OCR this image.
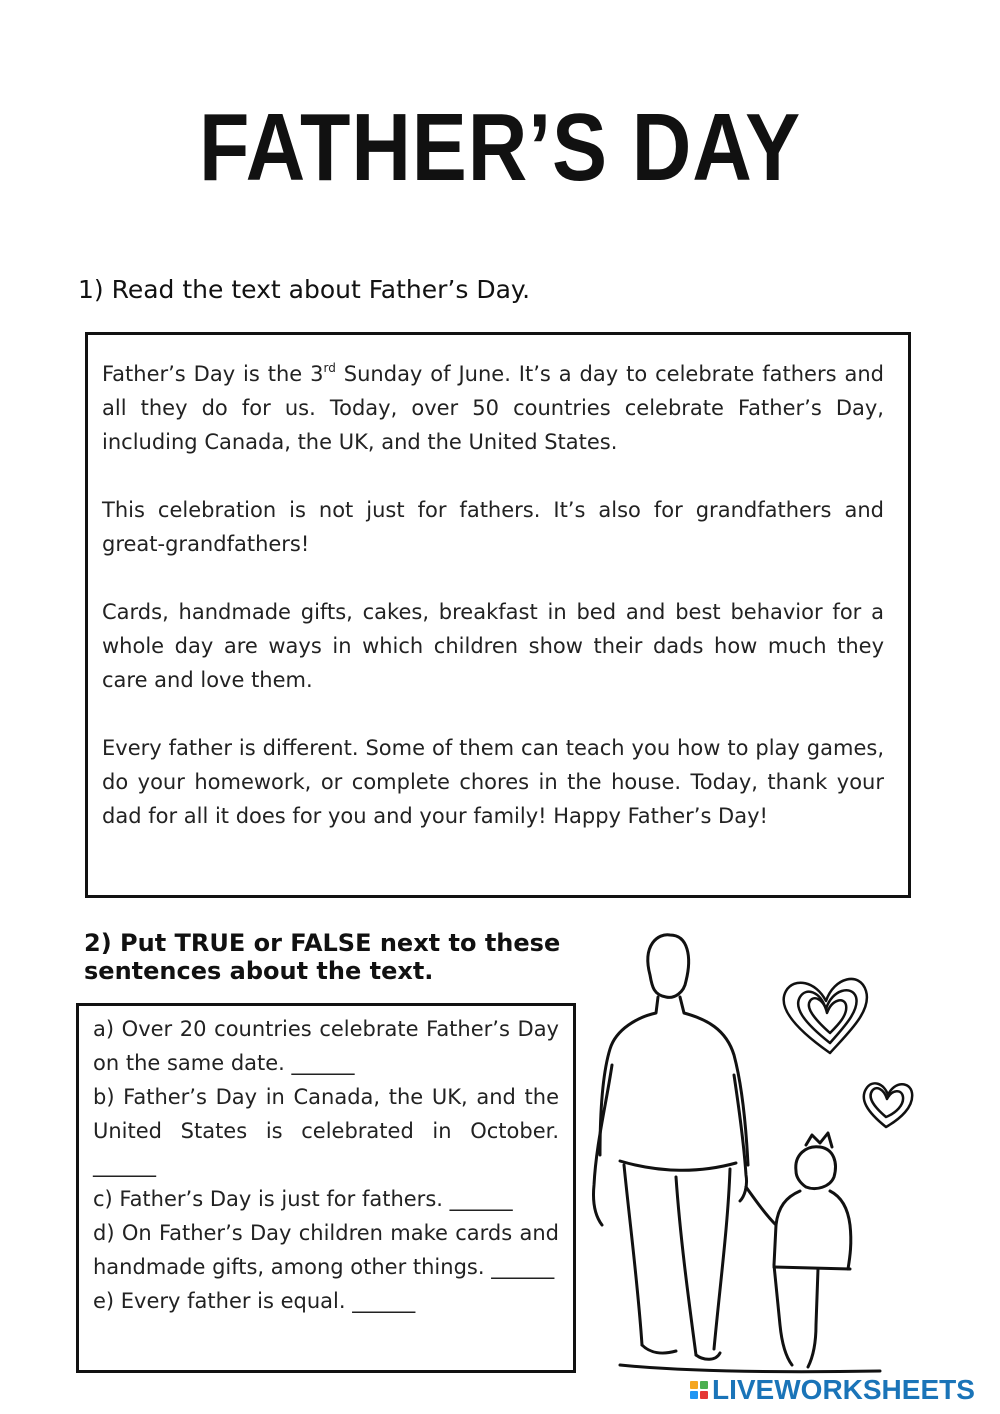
FATHER’S DAY
1) Read the text about Father’s Day.

Father’s Day is the 3rd Sunday of June. It’s a day to celebrate fathers and all they do for us. Today, over 50 countries celebrate Father’s Day, including Canada, the UK, and the United States.

This celebration is not just for fathers. It’s also for grandfathers and great-grandfathers!

Cards, handmade gifts, cakes, breakfast in bed and best behavior for a whole day are ways in which children show their dads how much they care and love them.

Every father is different. Some of them can teach you how to play games, do your homework, or complete chores in the house. Today, thank your dad for all it does for you and your family! Happy Father’s Day!

2) Put TRUE or FALSE next to these sentences about the text.
a) Over 20 countries celebrate Father’s Day on the same date. ______
b) Father’s Day in Canada, the UK, and the United States is celebrated in October. ______
c) Father’s Day is just for fathers. ______
d) On Father’s Day children make cards and handmade gifts, among other things. ______
e) Every father is equal. ______
LIVEWORKSHEETS
